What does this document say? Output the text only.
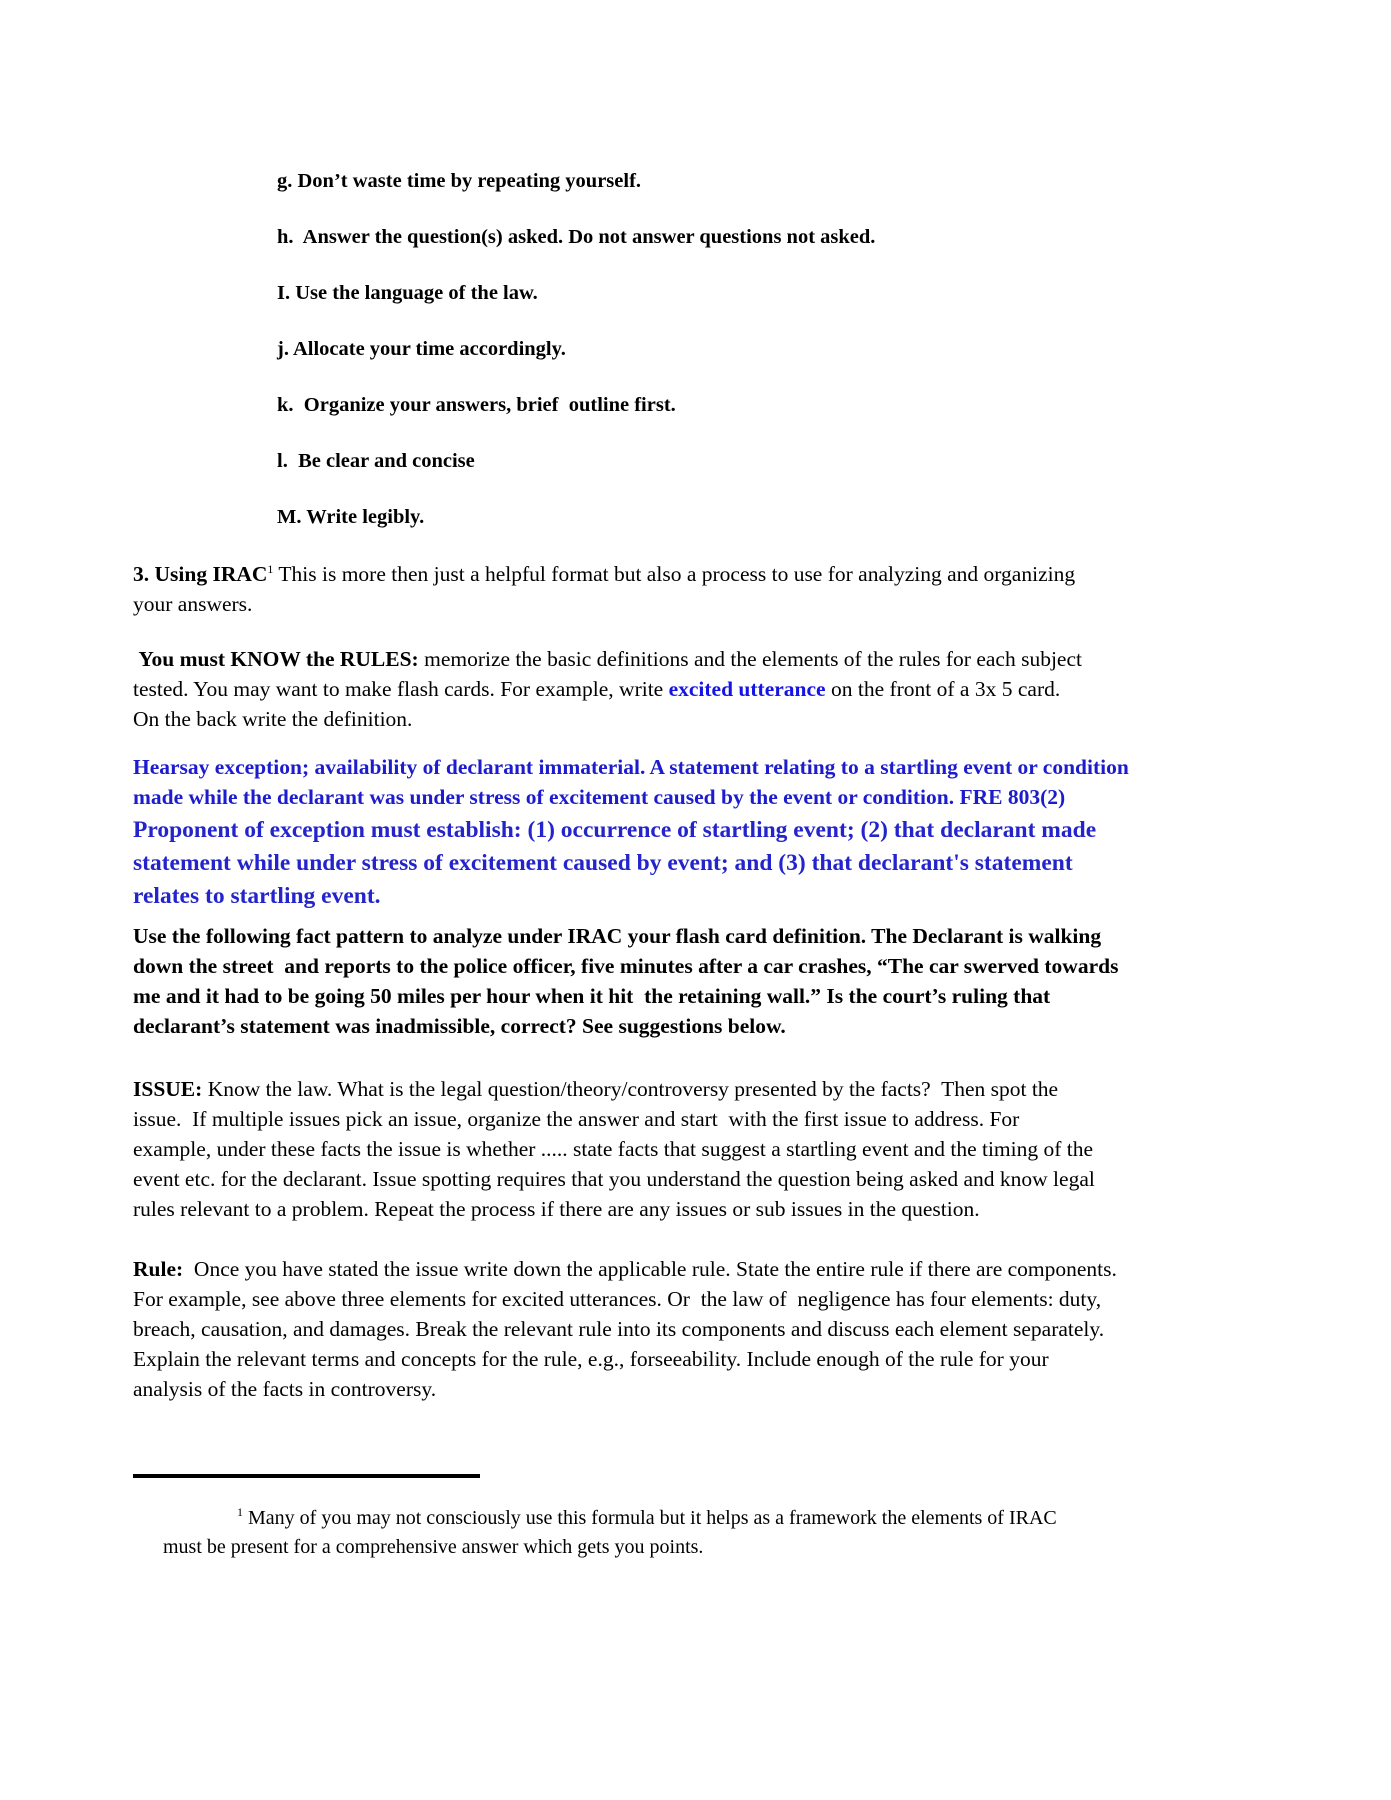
g. Don’t waste time by repeating yourself.
h.  Answer the question(s) asked. Do not answer questions not asked.
I. Use the language of the law.
j. Allocate your time accordingly.
k.  Organize your answers, brief  outline first.
l.  Be clear and concise
M. Write legibly.

3. Using IRAC$^1$ This is more then just a helpful format but also a process to use for analyzing and organizing your answers.

You must KNOW the RULES: memorize the basic definitions and the elements of the rules for each subject tested. You may want to make flash cards. For example, write excited utterance on the front of a 3x 5 card. On the back write the definition.

Hearsay exception; availability of declarant immaterial. A statement relating to a startling event or condition made while the declarant was under stress of excitement caused by the event or condition. FRE 803(2)

Proponent of exception must establish: (1) occurrence of startling event; (2) that declarant made statement while under stress of excitement caused by event; and (3) that declarant's statement relates to startling event.

Use the following fact pattern to analyze under IRAC your flash card definition. The Declarant is walking down the street  and reports to the police officer, five minutes after a car crashes, “The car swerved towards me and it had to be going 50 miles per hour when it hit  the retaining wall.” Is the court’s ruling that declarant’s statement was inadmissible, correct? See suggestions below.

ISSUE: Know the law. What is the legal question/theory/controversy presented by the facts?  Then spot the issue.  If multiple issues pick an issue, organize the answer and start  with the first issue to address. For example, under these facts the issue is whether ..... state facts that suggest a startling event and the timing of the event etc. for the declarant. Issue spotting requires that you understand the question being asked and know legal rules relevant to a problem. Repeat the process if there are any issues or sub issues in the question.

Rule:  Once you have stated the issue write down the applicable rule. State the entire rule if there are components. For example, see above three elements for excited utterances. Or  the law of  negligence has four elements: duty, breach, causation, and damages. Break the relevant rule into its components and discuss each element separately. Explain the relevant terms and concepts for the rule, e.g., forseeability. Include enough of the rule for your analysis of the facts in controversy.

$^1$ Many of you may not consciously use this formula but it helps as a framework the elements of IRAC  must be present for a comprehensive answer which gets you points.
